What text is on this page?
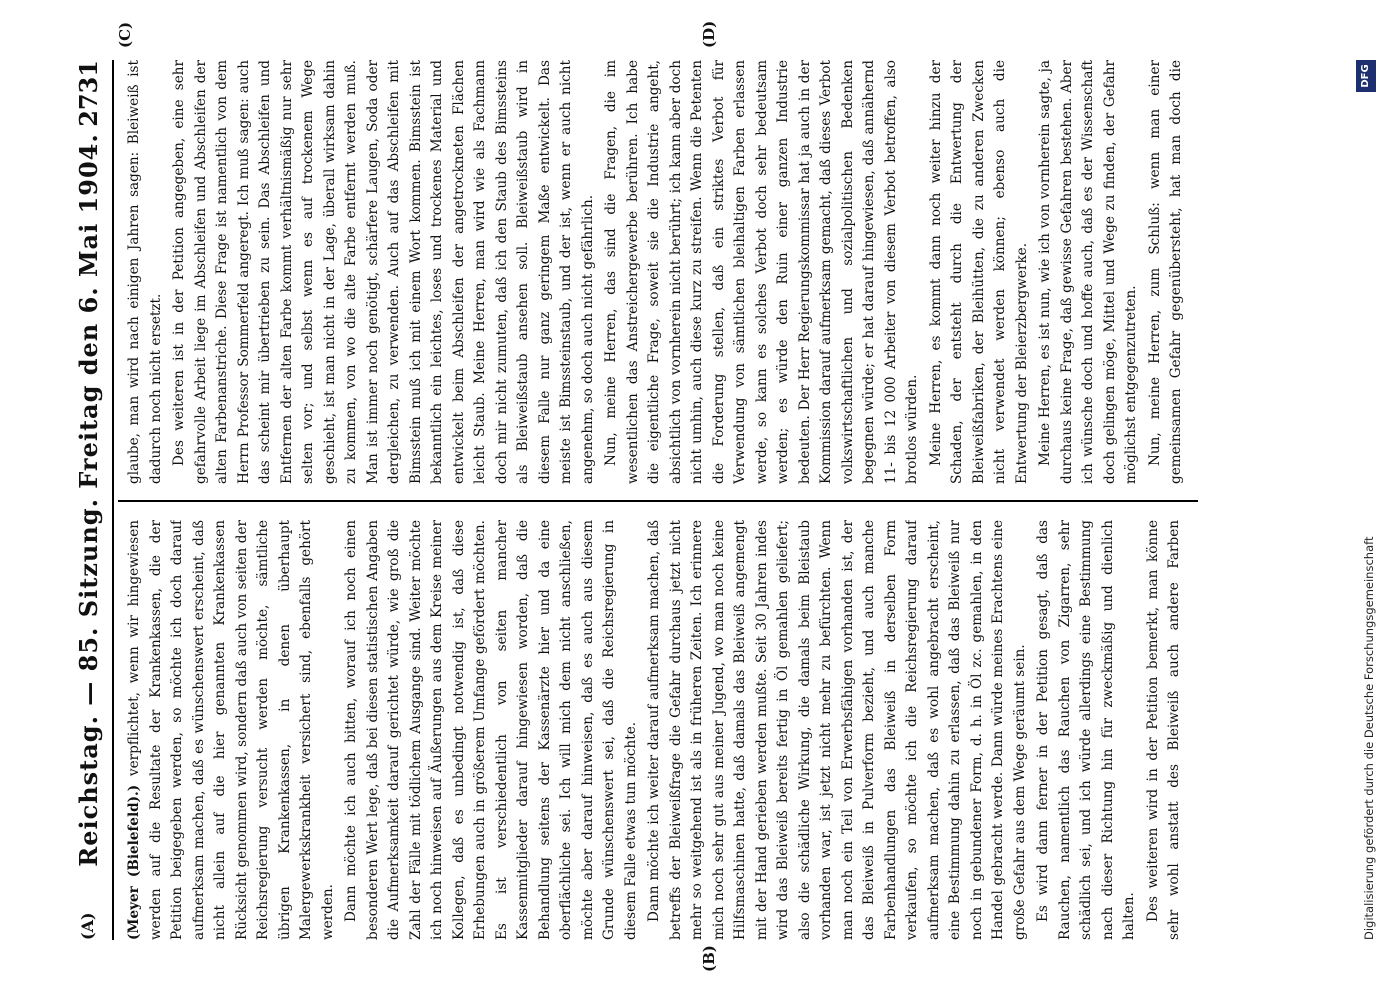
(A)
Reichstag. — 85. Sitzung. Freitag den 6. Mai 1904.
2731

(Meyer (Bielefeld).) verpflichtet, wenn wir hingewiesen werden auf die Resultate der Krankenkassen, die der Petition beigegeben werden, so möchte ich doch darauf aufmerksam machen, daß es wünschenswert erscheint, daß nicht allein auf die hier genannten Krankenkassen Rücksicht genommen wird, sondern daß auch von seiten der Reichsregierung versucht werden möchte, sämtliche übrigen Krankenkassen, in denen überhaupt Malergewerkskrankheit versichert sind, ebenfalls gehört werden. Dann möchte ich auch bitten, worauf ich noch einen besonderen Wert lege, daß bei diesen statistischen Angaben die Aufmerksamkeit darauf gerichtet würde, wie groß die Zahl der Fälle mit tödlichem Ausgange sind. Weiter möchte ich noch hinweisen auf Äußerungen aus dem Kreise meiner Kollegen, daß es unbedingt notwendig ist, daß diese Erhebungen auch in größerem Umfange gefördert möchten. Es ist verschiedentlich von seiten mancher Kassenmitglieder darauf hingewiesen worden, daß die Behandlung seitens der Kassenärzte hier und da eine oberflächliche sei. Ich will mich dem nicht anschließen, möchte aber darauf hinweisen, daß es auch aus diesem Grunde wünschenswert sei, daß die Reichsregierung in diesem Falle etwas tun möchte. Dann möchte ich weiter darauf aufmerksam machen, daß betreffs der Bleiweißfrage die Gefahr durchaus jetzt nicht mehr so weitgehend ist als in früheren Zeiten. Ich erinnere mich noch sehr gut aus meiner Jugend, wo man noch keine Hilfsmaschinen hatte, daß damals das Bleiweiß angemengt mit der Hand gerieben werden mußte. Seit 30 Jahren indes wird das Bleiweiß bereits fertig in Öl gemahlen geliefert; also die schädliche Wirkung, die damals beim Bleistaub vorhanden war, ist jetzt nicht mehr zu befürchten. Wenn man noch ein Teil von Erwerbsfähigen vorhanden ist, der das Bleiweiß in Pulverform bezieht, und auch manche Farbenhandlungen das Bleiweiß in derselben Form verkaufen, so möchte ich die Reichsregierung darauf aufmerksam machen, daß es wohl angebracht erscheint, eine Bestimmung dahin zu erlassen, daß das Bleiweiß nur noch in gebundener Form, d. h. in Öl zc. gemahlen, in den Handel gebracht werde. Dann würde meines Erachtens eine große Gefahr aus dem Wege geräumt sein. Es wird dann ferner in der Petition gesagt, daß das Rauchen, namentlich das Rauchen von Zigarren, sehr schädlich sei, und ich würde allerdings eine Bestimmung nach dieser Richtung hin für zweckmäßig und dienlich halten. Des weiteren wird in der Petition bemerkt, man könne sehr wohl anstatt des Bleiweiß auch andere Farben

glaube, man wird nach einigen Jahren sagen: Bleiweiß ist dadurch noch nicht ersetzt. Des weiteren ist in der Petition angegeben, eine sehr gefahrvolle Arbeit liege im Abschleifen und Abschleifen der alten Farbenanstriche. Diese Frage ist namentlich von dem Herrn Professor Sommerfeld angeregt. Ich muß sagen: auch das scheint mir übertrieben zu sein. Das Abschleifen und Entfernen der alten Farbe kommt verhältnismäßig nur sehr selten vor; und selbst wenn es auf trockenem Wege geschieht, ist man nicht in der Lage, überall wirksam dahin zu kommen, von wo die alte Farbe entfernt werden muß. Man ist immer noch genötigt, schärfere Laugen, Soda oder dergleichen, zu verwenden. Auch auf das Abschleifen mit Bimsstein muß ich mit einem Wort kommen. Bimsstein ist bekanntlich ein leichtes, loses und trockenes Material und entwickelt beim Abschleifen der angetrockneten Flächen leicht Staub. Meine Herren, man wird wie als Fachmann doch mir nicht zumuten, daß ich den Staub des Bimssteins als Bleiweißstaub ansehen soll. Bleiweißstaub wird in diesem Falle nur ganz geringem Maße entwickelt. Das meiste ist Bimssteinstaub, und der ist, wenn er auch nicht angenehm, so doch auch nicht gefährlich. Nun, meine Herren, das sind die Fragen, die im wesentlichen das Anstreichergewerbe berühren. Ich habe die eigentliche Frage, soweit sie die Industrie angeht, absichtlich von vornherein nicht berührt; ich kann aber doch nicht umhin, auch diese kurz zu streifen. Wenn die Petenten die Forderung stellen, daß ein striktes Verbot für Verwendung von sämtlichen bleihaltigen Farben erlassen werde, so kann es solches Verbot doch sehr bedeutsam werden; es würde den Ruin einer ganzen Industrie bedeuten. Der Herr Regierungskommissar hat ja auch in der Kommission darauf aufmerksam gemacht, daß dieses Verbot volkswirtschaftlichen und sozialpolitischen Bedenken begegnen würde; er hat darauf hingewiesen, daß annähernd 11- bis 12 000 Arbeiter von diesem Verbot betroffen, also brotlos würden. Meine Herren, es kommt dann noch weiter hinzu der Schaden, der entsteht durch die Entwertung der Bleiweißfabriken, der Bleihütten, die zu anderen Zwecken nicht verwendet werden können; ebenso auch die Entwertung der Bleierzbergwerke. Meine Herren, es ist nun, wie ich von vornherein sagte, ja durchaus keine Frage, daß gewisse Gefahren bestehen. Aber ich wünsche doch und hoffe auch, daß es der Wissenschaft doch gelingen möge, Mittel und Wege zu finden, der Gefahr möglichst entgegenzutreten. Nun, meine Herren, zum Schluß: wenn man einer gemeinsamen Gefahr gegenübersteht, hat man doch die

(B)
(C)	(D)
Digitalisierung gefördert durch die Deutsche Forschungsgemeinschaft
DFG
